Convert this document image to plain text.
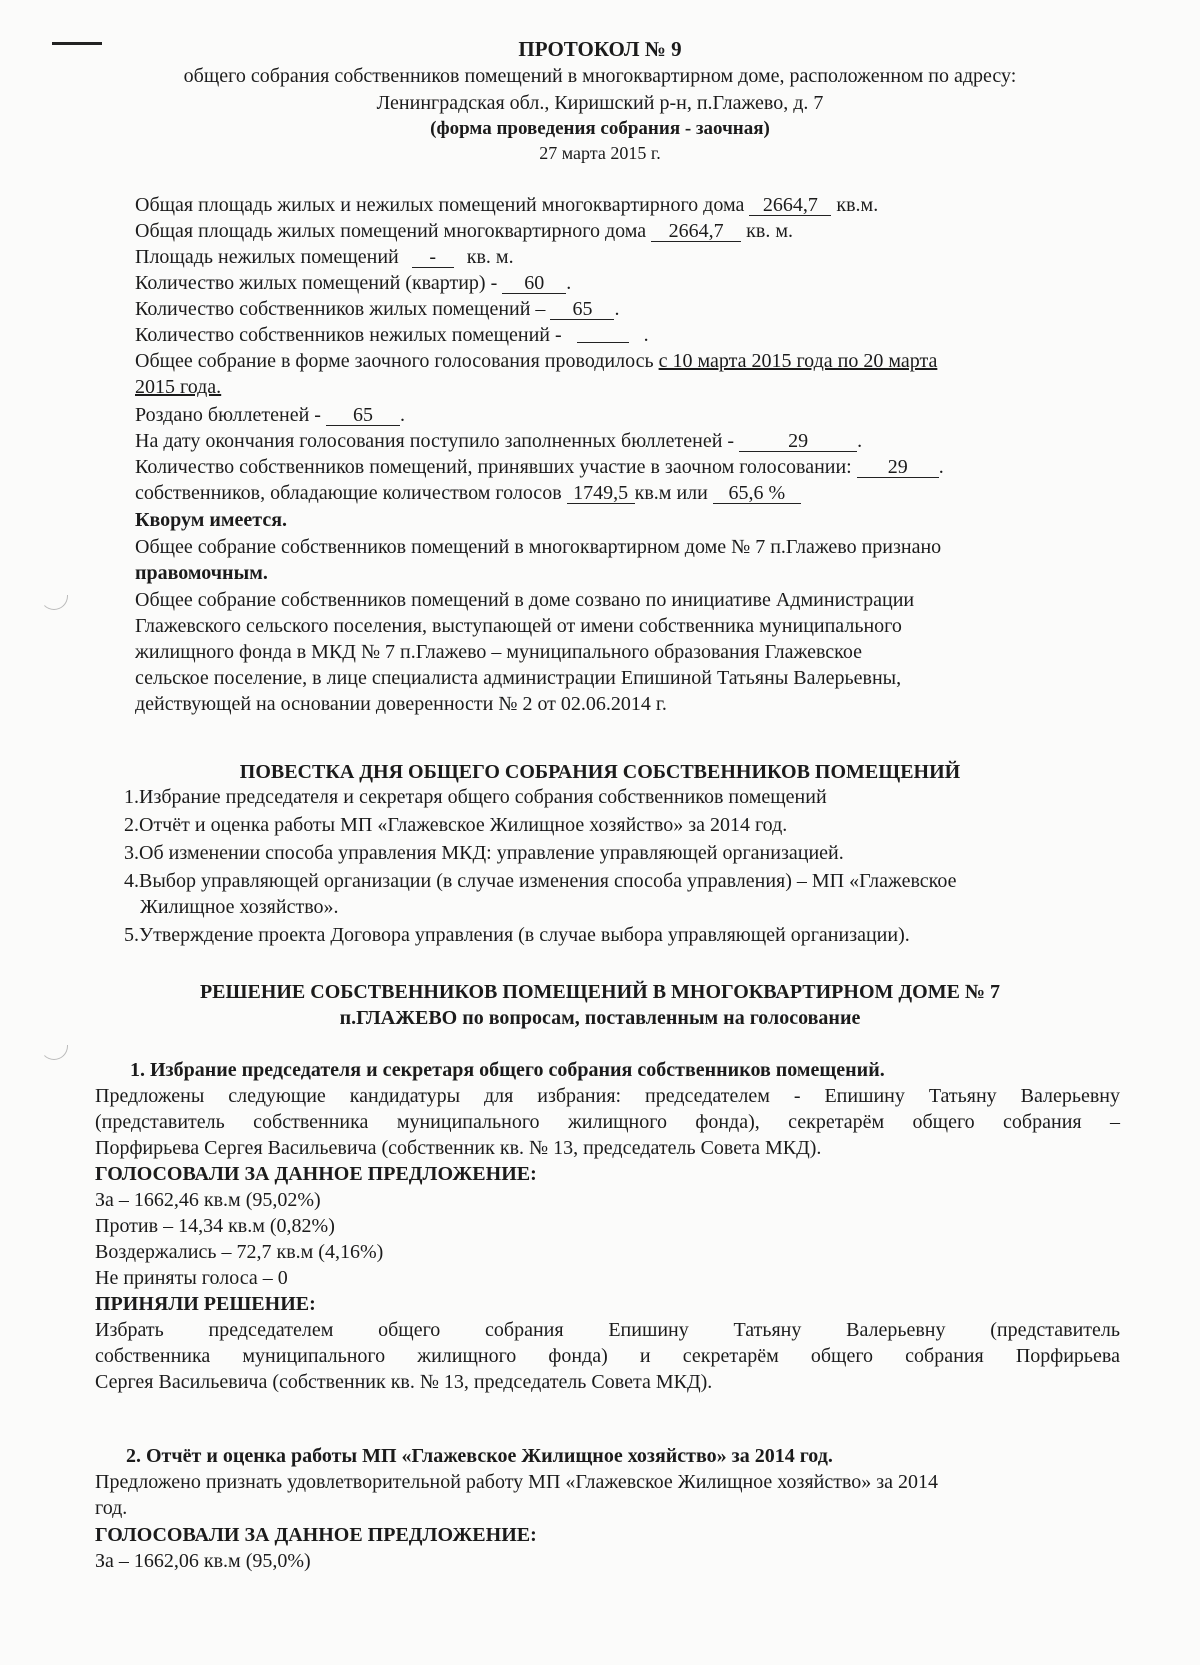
ПРОТОКОЛ № 9
общего собрания собственников помещений в многоквартирном доме, расположенном по адресу:
Ленинградская обл., Киришский р-н, п.Глажево, д. 7
(форма проведения собрания - заочная)
27 марта 2015 г.
Общая площадь жилых и нежилых помещений многоквартирного дома 2664,7 кв.м.
Общая площадь жилых помещений многоквартирного дома 2664,7 кв. м.
Площадь нежилых помещений - кв. м.
Количество жилых помещений (квартир) - 60 .
Количество собственников жилых помещений – 65 .
Количество собственников нежилых помещений -	.
Общее собрание в форме заочного голосования проводилось с 10 марта 2015 года по 20 марта
2015 года.
Роздано бюллетеней - 65 .
На дату окончания голосования поступило заполненных бюллетеней -	29 .
Количество собственников помещений, принявших участие в заочном голосовании: 29 .
собственников, обладающие количеством голосов 1749,5 кв.м или 65,6 %
Кворум имеется.
Общее собрание собственников помещений в многоквартирном доме № 7 п.Глажево признано
правомочным.
Общее собрание собственников помещений в доме созвано по инициативе Администрации
Глажевского сельского поселения, выступающей от имени собственника муниципального
жилищного фонда в МКД № 7 п.Глажево – муниципального образования Глажевское
сельское поселение, в лице специалиста администрации Епишиной Татьяны Валерьевны,
действующей на основании доверенности № 2 от 02.06.2014 г.
ПОВЕСТКА ДНЯ ОБЩЕГО СОБРАНИЯ СОБСТВЕННИКОВ ПОМЕЩЕНИЙ
1.Избрание председателя и секретаря общего собрания собственников помещений
2.Отчёт и оценка работы МП «Глажевское Жилищное хозяйство» за 2014 год.
3.Об изменении способа управления МКД: управление управляющей организацией.
4.Выбор управляющей организации (в случае изменения способа управления) – МП «Глажевское
Жилищное хозяйство».
5.Утверждение проекта Договора управления (в случае выбора управляющей организации).
РЕШЕНИЕ СОБСТВЕННИКОВ ПОМЕЩЕНИЙ В МНОГОКВАРТИРНОМ ДОМЕ № 7
п.ГЛАЖЕВО по вопросам, поставленным на голосование
1. Избрание председателя и секретаря общего собрания собственников помещений.
Предложены следующие кандидатуры для избрания: председателем - Епишину Татьяну Валерьевну
(представитель собственника муниципального жилищного фонда), секретарём общего собрания –
Порфирьева Сергея Васильевича (собственник кв. № 13, председатель Совета МКД).
ГОЛОСОВАЛИ ЗА ДАННОЕ ПРЕДЛОЖЕНИЕ:
За – 1662,46 кв.м (95,02%)
Против – 14,34 кв.м (0,82%)
Воздержались – 72,7 кв.м (4,16%)
Не приняты голоса – 0
ПРИНЯЛИ РЕШЕНИЕ:
Избрать председателем общего собрания Епишину Татьяну Валерьевну (представитель
собственника муниципального жилищного фонда) и секретарём общего собрания Порфирьева
Сергея Васильевича (собственник кв. № 13, председатель Совета МКД).
2. Отчёт и оценка работы МП «Глажевское Жилищное хозяйство» за 2014 год.
Предложено признать удовлетворительной работу МП «Глажевское Жилищное хозяйство» за 2014
год.
ГОЛОСОВАЛИ ЗА ДАННОЕ ПРЕДЛОЖЕНИЕ:
За – 1662,06 кв.м (95,0%)
